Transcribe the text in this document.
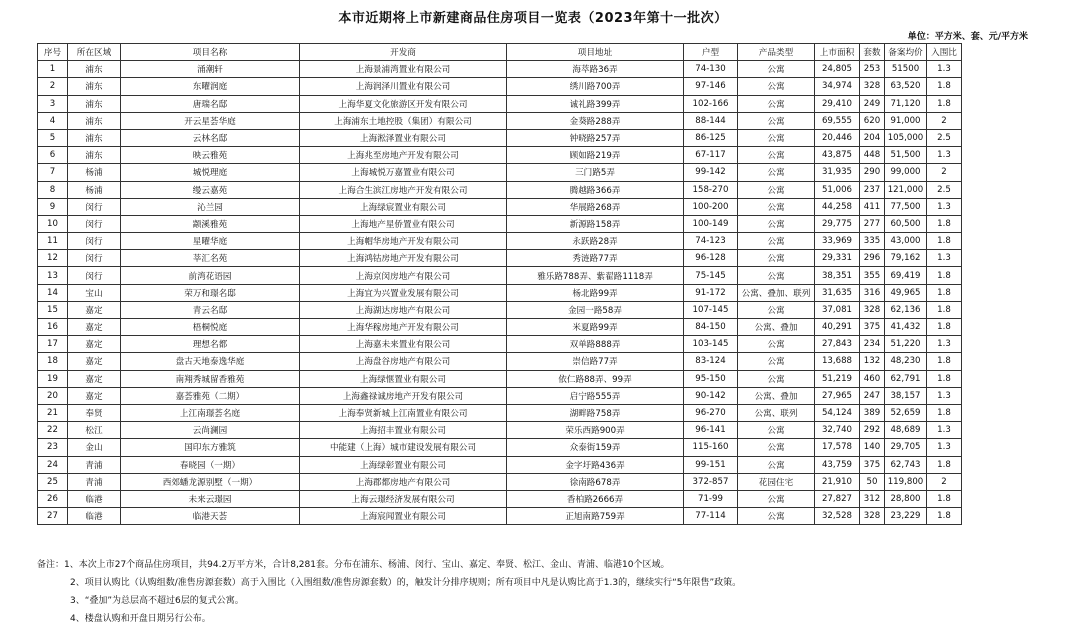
本市近期将上市新建商品住房项目一览表（2023年第十一批次）
单位：平方米、套、元/平方米
序号	所在区域	项目名称	开发商	项目地址	户型	产品类型	上市面积	套数	备案均价	入围比
1	浦东	涌潮轩	上海景浦湾置业有限公司	海萃路36弄	74-130	公寓	24,805	253	51500	1.3
2	浦东	东曜润庭	上海润泽川置业有限公司	绣川路700弄	97-146	公寓	34,974	328	63,520	1.8
3	浦东	唐瑞名邸	上海华夏文化旅游区开发有限公司	诚礼路399弄	102-166	公寓	29,410	249	71,120	1.8
4	浦东	开云星荟华庭	上海浦东土地控股（集团）有限公司	金葵路288弄	88-144	公寓	69,555	620	91,000	2
5	浦东	云林名邸	上海淞泽置业有限公司	钟晓路257弄	86-125	公寓	20,446	204	105,000	2.5
6	浦东	映云雅苑	上海兆至房地产开发有限公司	顾如路219弄	67-117	公寓	43,875	448	51,500	1.3
7	杨浦	城悦理庭	上海城悦万嘉置业有限公司	三门路5弄	99-142	公寓	31,935	290	99,000	2
8	杨浦	缦云嘉苑	上海合生滨江房地产开发有限公司	腾越路366弄	158-270	公寓	51,006	237	121,000	2.5
9	闵行	沁兰园	上海绿宸置业有限公司	华展路268弄	100-200	公寓	44,258	411	77,500	1.3
10	闵行	颛溪雅苑	上海地产星侨置业有限公司	新源路158弄	100-149	公寓	29,775	277	60,500	1.8
11	闵行	星曜华庭	上海帽华房地产开发有限公司	永跃路28弄	74-123	公寓	33,969	335	43,000	1.8
12	闵行	莘汇名苑	上海鸿钴房地产开发有限公司	秀涟路77弄	96-128	公寓	29,331	296	79,162	1.3
13	闵行	前湾花语园	上海京闵房地产有限公司	雅乐路788弄、紫翟路1118弄	75-145	公寓	38,351	355	69,419	1.8
14	宝山	荣万和璟名邸	上海宜为兴置业发展有限公司	杨北路99弄	91-172	公寓、叠加、联列	31,635	316	49,965	1.8
15	嘉定	青云名邸	上海湖达房地产有限公司	金园一路58弄	107-145	公寓	37,081	328	62,136	1.8
16	嘉定	梧桐悦庭	上海华稼房地产开发有限公司	米夏路99弄	84-150	公寓、叠加	40,291	375	41,432	1.8
17	嘉定	理想名都	上海嘉未来置业有限公司	双单路888弄	103-145	公寓	27,843	234	51,220	1.3
18	嘉定	盘古天地泰逸华庭	上海盘谷房地产有限公司	崇信路77弄	83-124	公寓	13,688	132	48,230	1.8
19	嘉定	南翔秀城留香雅苑	上海绿惬置业有限公司	依仁路88弄、99弄	95-150	公寓	51,219	460	62,791	1.8
20	嘉定	嘉荟雅苑（二期）	上海鑫禄诚房地产开发有限公司	启宁路555弄	90-142	公寓、叠加	27,965	247	38,157	1.3
21	奉贤	上江南璟荟名庭	上海奉贤新城上江南置业有限公司	湖畔路758弄	96-270	公寓、联列	54,124	389	52,659	1.8
22	松江	云尚澜园	上海招丰置业有限公司	荣乐西路900弄	96-141	公寓	32,740	292	48,689	1.3
23	金山	国印东方雅筑	中能建（上海）城市建设发展有限公司	众泰街159弄	115-160	公寓	17,578	140	29,705	1.3
24	青浦	春晓园（一期）	上海绿彰置业有限公司	金字圩路436弄	99-151	公寓	43,759	375	62,743	1.8
25	青浦	西郊蟠龙源别墅（一期）	上海郡都房地产有限公司	徐南路678弄	372-857	花园住宅	21,910	50	119,800	2
26	临港	未来云璟园	上海云璟经济发展有限公司	香柏路2666弄	71-99	公寓	27,827	312	28,800	1.8
27	临港	临港天荟	上海宸闻置业有限公司	正旭南路759弄	77-114	公寓	32,528	328	23,229	1.8
备注：1、本次上市27个商品住房项目，共94.2万平方米，合计8,281套。分布在浦东、杨浦、闵行、宝山、嘉定、奉贤、松江、金山、青浦、临港10个区域。
2、项目认购比（认购组数/准售房源套数）高于入围比（入围组数/准售房源套数）的，触发计分排序规则；所有项目中凡是认购比高于1.3的，继续实行“5年限售”政策。
3、“叠加”为总层高不超过6层的复式公寓。
4、楼盘认购和开盘日期另行公布。
